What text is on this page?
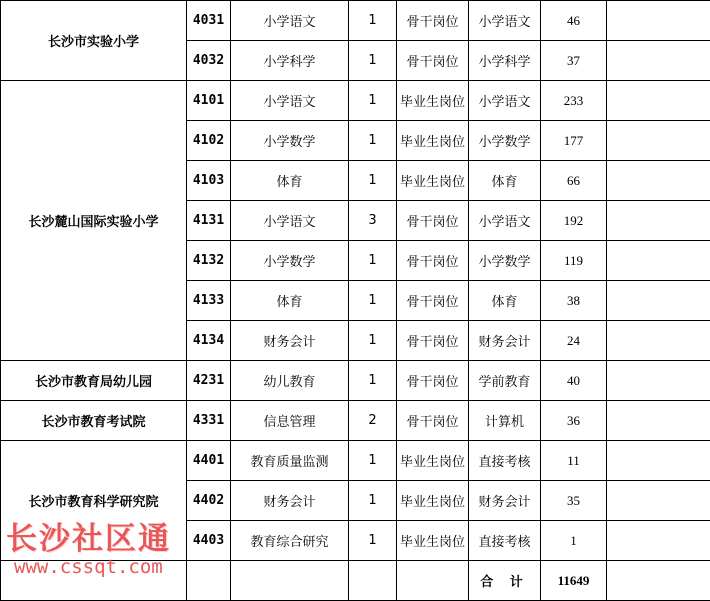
长沙市实验小学	4031	小学语文	1	骨干岗位	小学语文	46	
	4032	小学科学	1	骨干岗位	小学科学	37	
长沙麓山国际实验小学	4101	小学语文	1	毕业生岗位	小学语文	233	
	4102	小学数学	1	毕业生岗位	小学数学	177	
	4103	体育	1	毕业生岗位	体育	66	
	4131	小学语文	3	骨干岗位	小学语文	192	
	4132	小学数学	1	骨干岗位	小学数学	119	
	4133	体育	1	骨干岗位	体育	38	
	4134	财务会计	1	骨干岗位	财务会计	24	
长沙市教育局幼儿园	4231	幼儿教育	1	骨干岗位	学前教育	40	
长沙市教育考试院	4331	信息管理	2	骨干岗位	计算机	36	
长沙市教育科学研究院	4401	教育质量监测	1	毕业生岗位	直接考核	11	
	4402	财务会计	1	毕业生岗位	财务会计	35	
	4403	教育综合研究	1	毕业生岗位	直接考核	1	
					合 计	11649	
长沙社区通
www.cssqt.com
